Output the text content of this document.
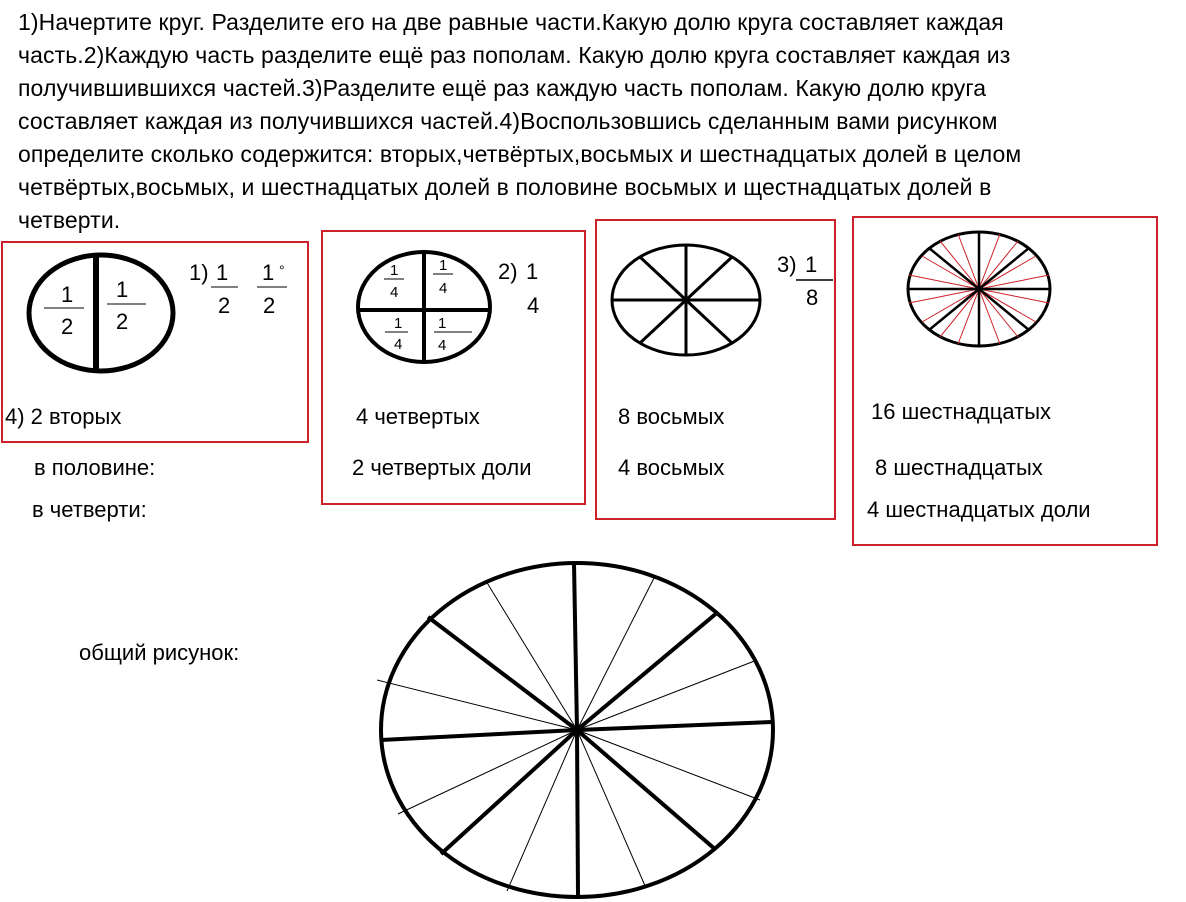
1)Начертите круг. Разделите его на две равные части.Какую долю круга составляет каждая
часть.2)Каждую часть разделите ещё раз пополам. Какую долю круга составляет каждая из
получившившихся частей.3)Разделите ещё раз каждую часть пополам. Какую долю круга
составляет каждая из получившихся частей.4)Воспользовшись сделанным вами рисунком
определите сколько содержится: вторых,четвёртых,восьмых и шестнадцатых долей в целом
четвёртых,восьмых, и шестнадцатых долей в половине восьмых и щестнадцатых долей в
четверти.
4) 2 вторых	4 четвертых
2 четвертых доли
8 восьмых
4 восьмых
16 шестнадцатых
8 шестнадцатых
4 шестнадцатых доли
в половине:
в четверти:
общий рисунок:
1
2
1
2
1) 1
2
1 °
2
1
4
1
4
1
4
1
4
2) 1
4
3) 1
8
